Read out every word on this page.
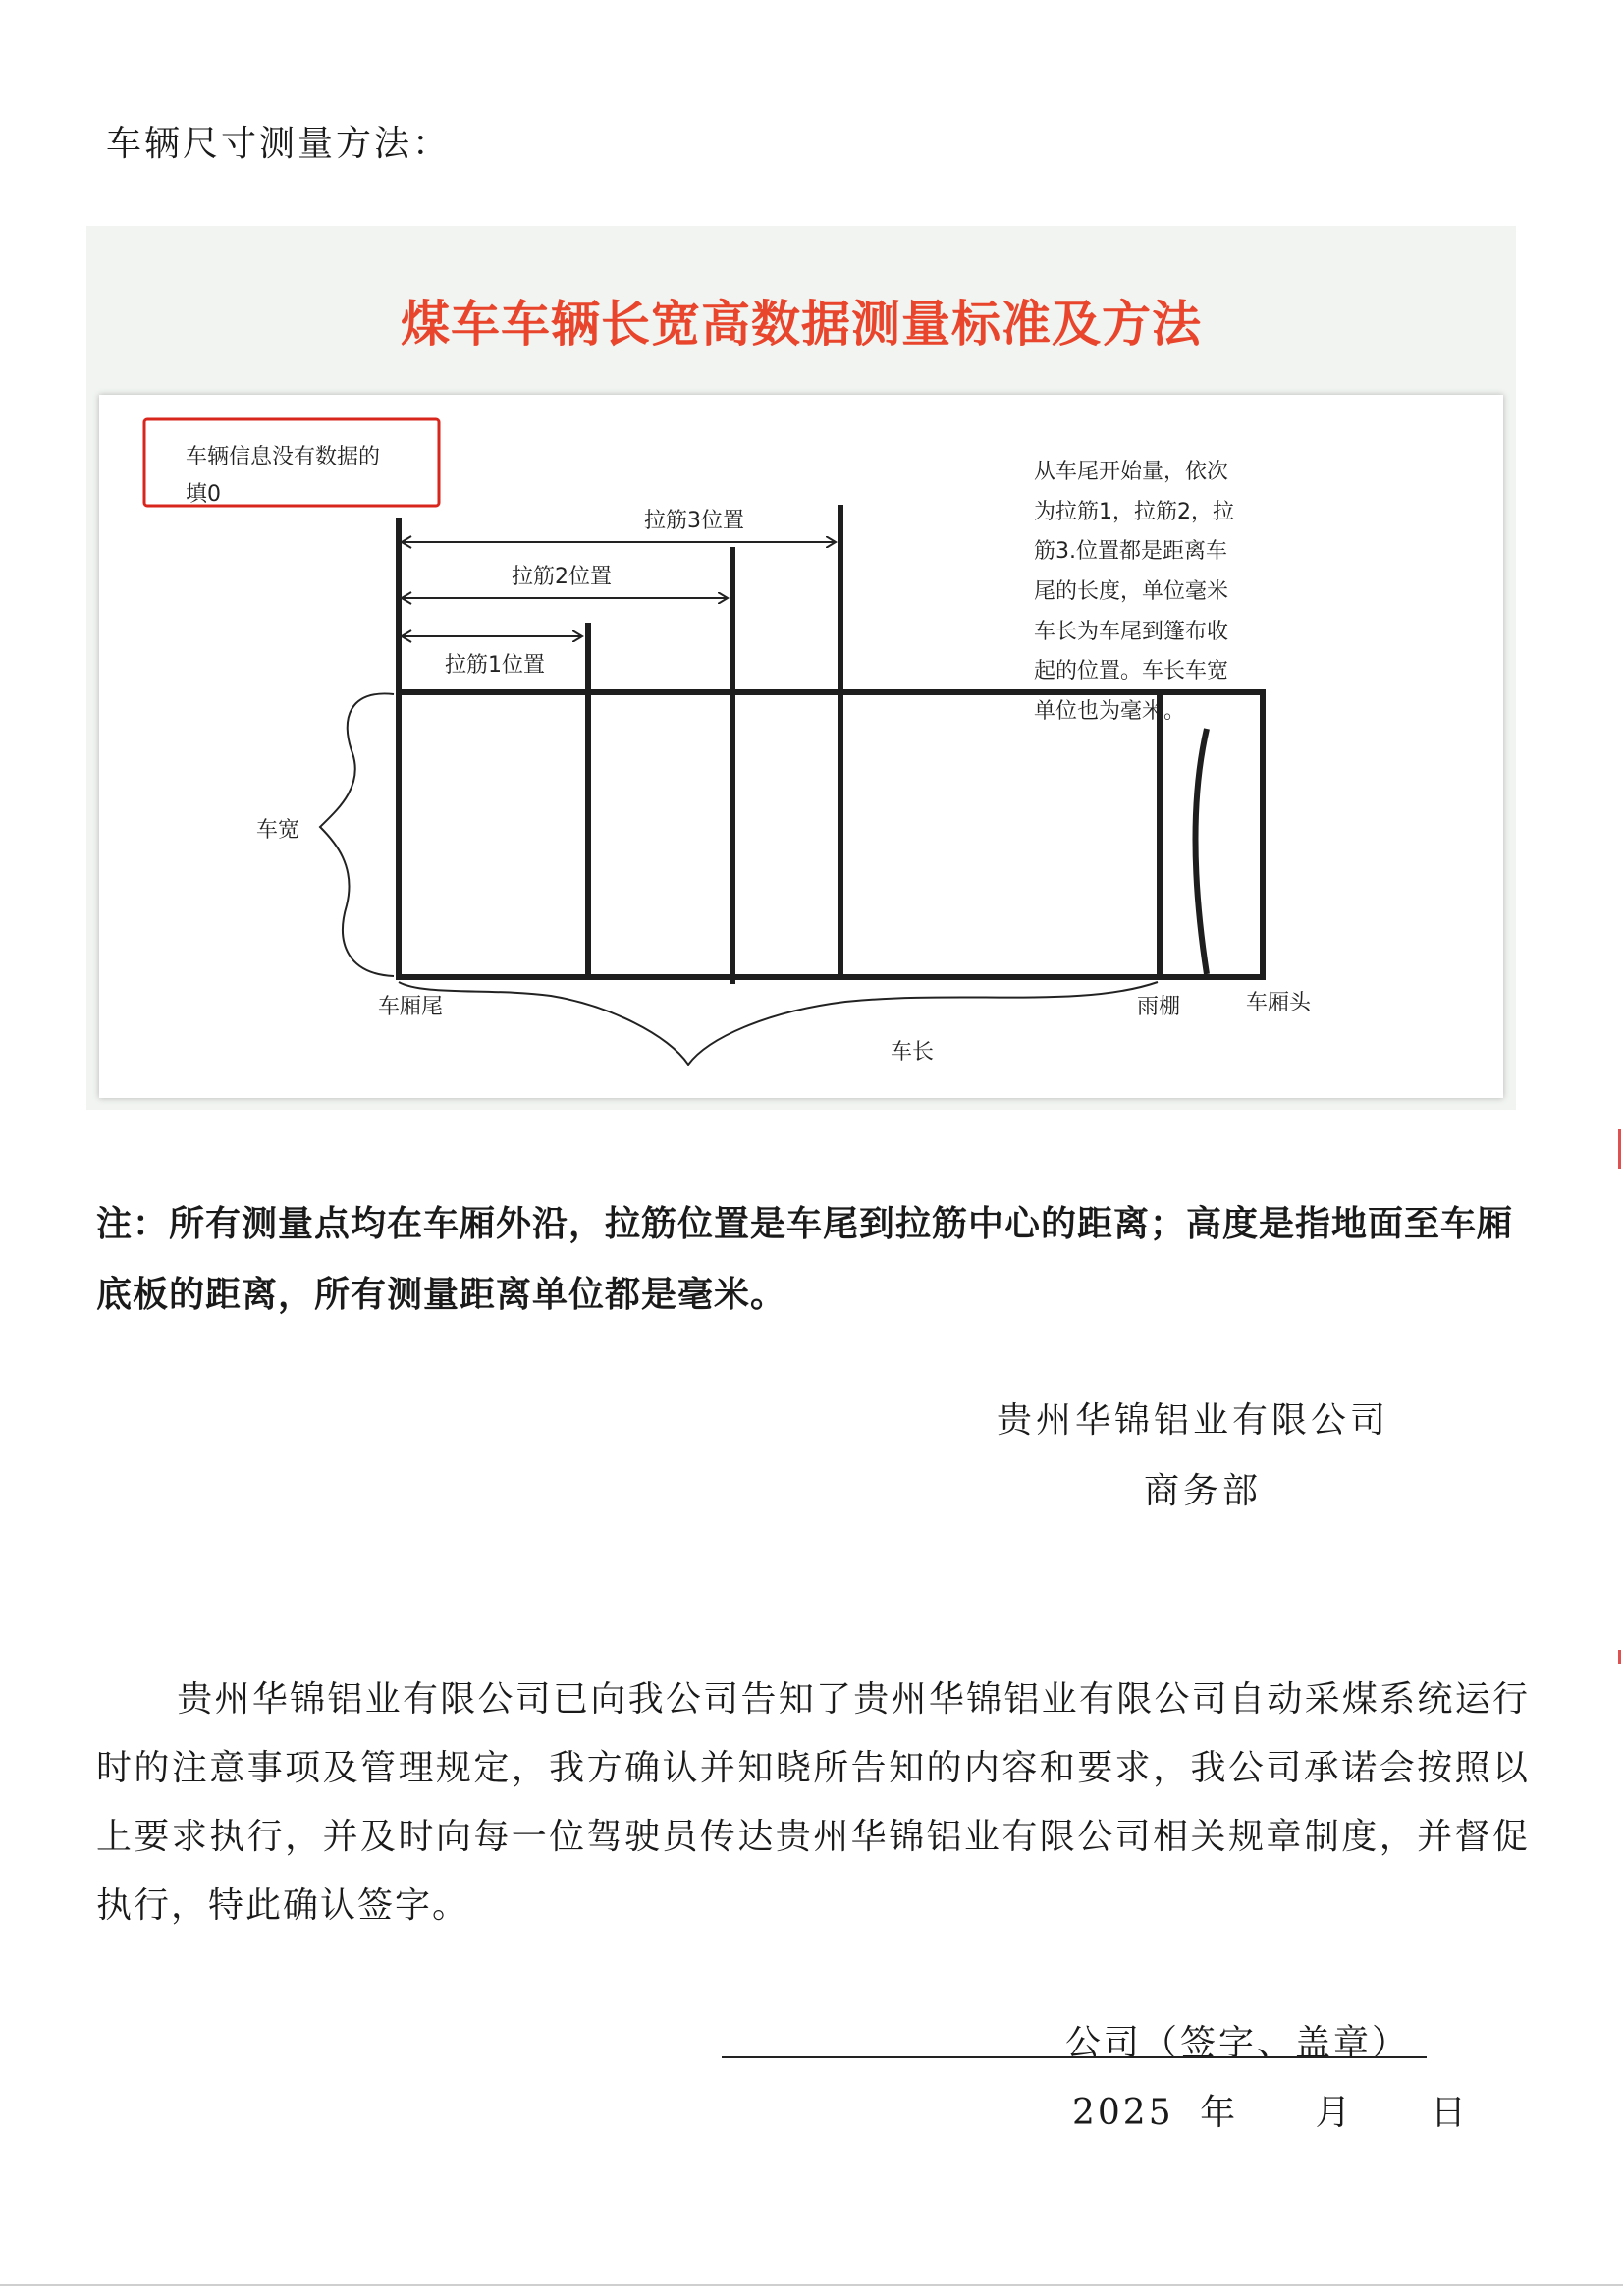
车辆尺寸测量方法：
煤车车辆长宽高数据测量标准及方法
车辆信息没有数据的
填0
从车尾开始量，依次
为拉筋1，拉筋2，拉
筋3.位置都是距离车
尾的长度，单位毫米
车长为车尾到篷布收
起的位置。车长车宽
单位也为毫米。
拉筋3位置
拉筋2位置
拉筋1位置
车宽
车厢尾	雨棚	车厢头
车长
注：所有测量点均在车厢外沿，拉筋位置是车尾到拉筋中心的距离；高度是指地面至车厢底板的距离，所有测量距离单位都是毫米。
贵州华锦铝业有限公司
商务部
贵州华锦铝业有限公司已向我公司告知了贵州华锦铝业有限公司自动采煤系统运行时的注意事项及管理规定，我方确认并知晓所告知的内容和要求，我公司承诺会按照以上要求执行，并及时向每一位驾驶员传达贵州华锦铝业有限公司相关规章制度，并督促执行，特此确认签字。
公司（签字、盖章）
2025 年 月 日
